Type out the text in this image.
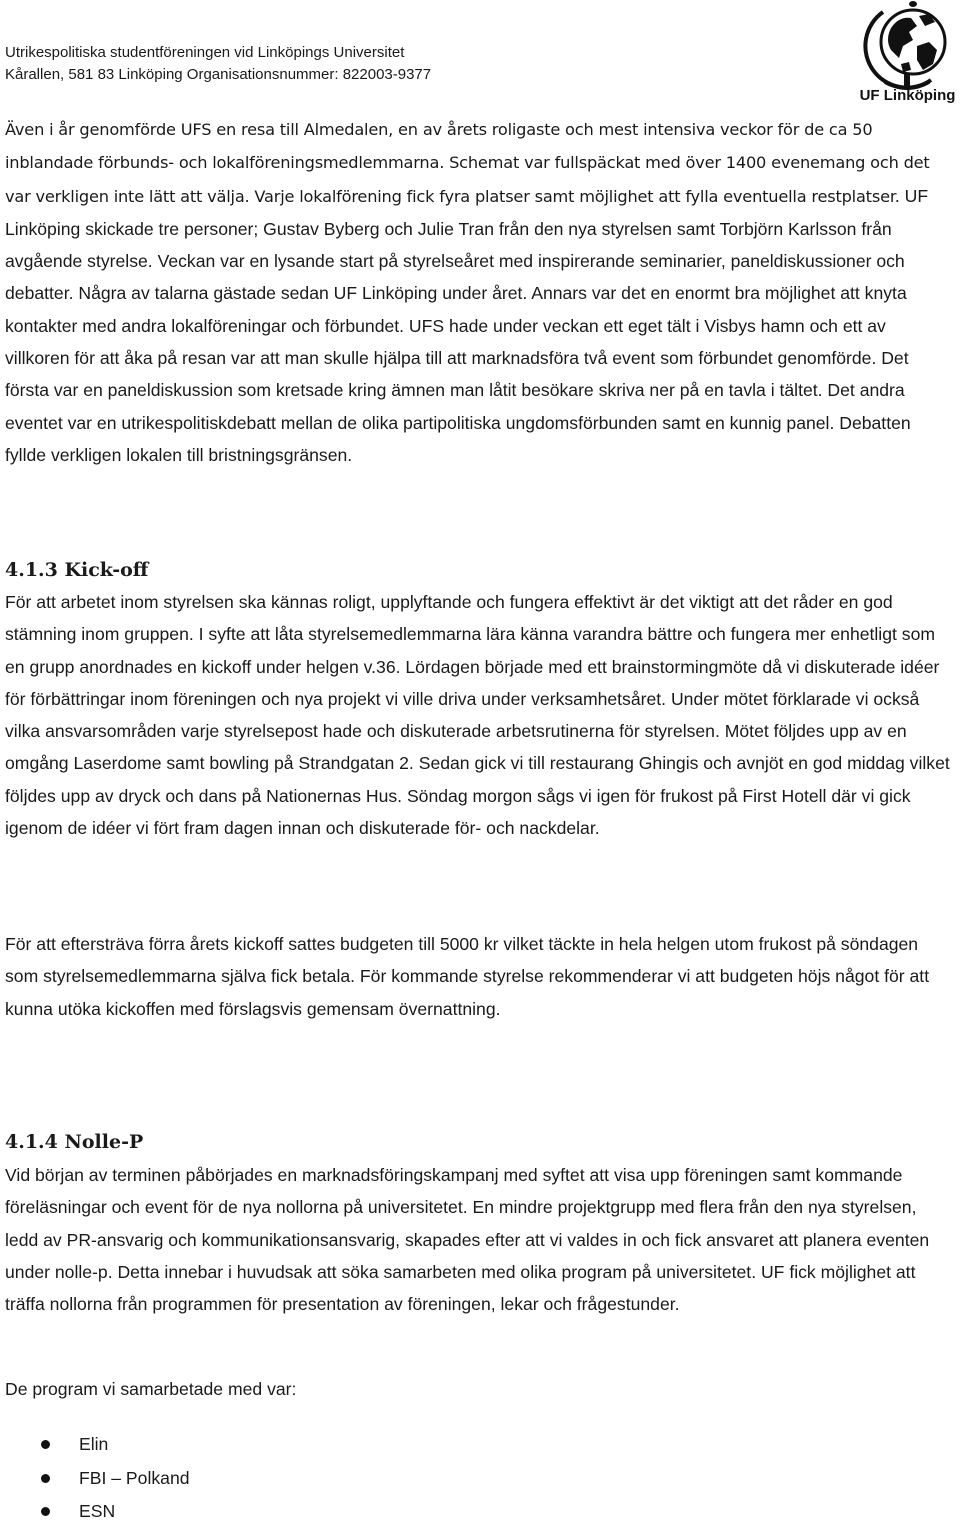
Utrikespolitiska studentföreningen vid Linköpings Universitet
Kårallen, 581 83 Linköping Organisationsnummer: 822003-9377
UF Linköping

Även i år genomförde UFS en resa till Almedalen, en av årets roligaste och mest intensiva veckor för de ca 50 inblandade förbunds- och lokalföreningsmedlemmarna. Schemat var fullspäckat med över 1400 evenemang och det var verkligen inte lätt att välja. Varje lokalförening fick fyra platser samt möjlighet att fylla eventuella restplatser. UF Linköping skickade tre personer; Gustav Byberg och Julie Tran från den nya styrelsen samt Torbjörn Karlsson från avgående styrelse. Veckan var en lysande start på styrelseåret med inspirerande seminarier, paneldiskussioner och debatter. Några av talarna gästade sedan UF Linköping under året. Annars var det en enormt bra möjlighet att knyta kontakter med andra lokalföreningar och förbundet. UFS hade under veckan ett eget tält i Visbys hamn och ett av villkoren för att åka på resan var att man skulle hjälpa till att marknadsföra två event som förbundet genomförde. Det första var en paneldiskussion som kretsade kring ämnen man låtit besökare skriva ner på en tavla i tältet. Det andra eventet var en utrikespolitiskdebatt mellan de olika partipolitiska ungdomsförbunden samt en kunnig panel. Debatten fyllde verkligen lokalen till bristningsgränsen.

4.1.3 Kick-off

För att arbetet inom styrelsen ska kännas roligt, upplyftande och fungera effektivt är det viktigt att det råder en god stämning inom gruppen. I syfte att låta styrelsemedlemmarna lära känna varandra bättre och fungera mer enhetligt som en grupp anordnades en kickoff under helgen v.36. Lördagen började med ett brainstormingmöte då vi diskuterade idéer för förbättringar inom föreningen och nya projekt vi ville driva under verksamhetsåret. Under mötet förklarade vi också vilka ansvarsområden varje styrelsepost hade och diskuterade arbetsrutinerna för styrelsen. Mötet följdes upp av en omgång Laserdome samt bowling på Strandgatan 2. Sedan gick vi till restaurang Ghingis och avnjöt en god middag vilket följdes upp av dryck och dans på Nationernas Hus. Söndag morgon sågs vi igen för frukost på First Hotell där vi gick igenom de idéer vi fört fram dagen innan och diskuterade för- och nackdelar.

För att eftersträva förra årets kickoff sattes budgeten till 5000 kr vilket täckte in hela helgen utom frukost på söndagen som styrelsemedlemmarna själva fick betala. För kommande styrelse rekommenderar vi att budgeten höjs något för att kunna utöka kickoffen med förslagsvis gemensam övernattning.

4.1.4 Nolle-P

Vid början av terminen påbörjades en marknadsföringskampanj med syftet att visa upp föreningen samt kommande föreläsningar och event för de nya nollorna på universitetet. En mindre projektgrupp med flera från den nya styrelsen, ledd av PR-ansvarig och kommunikationsansvarig, skapades efter att vi valdes in och fick ansvaret att planera eventen under nolle-p. Detta innebar i huvudsak att söka samarbeten med olika program på universitetet. UF fick möjlighet att träffa nollorna från programmen för presentation av föreningen, lekar och frågestunder.

De program vi samarbetade med var:

Elin
FBI – Polkand
ESN
